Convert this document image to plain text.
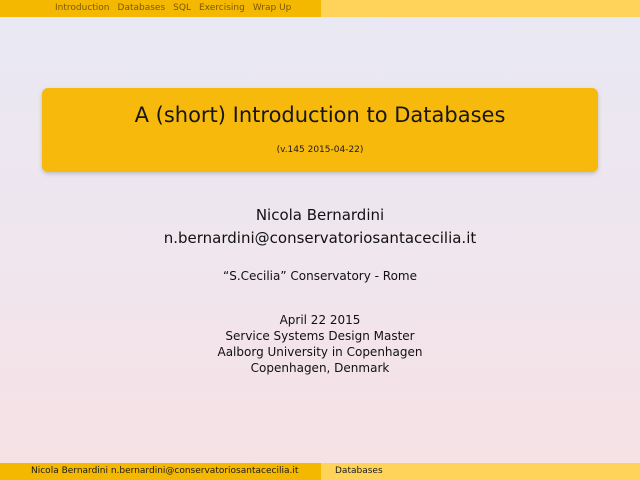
Introduction Databases SQL Exercising Wrap Up
A (short) Introduction to Databases
(v.145 2015-04-22)
Nicola Bernardini
n.bernardini@conservatoriosantacecilia.it
“S.Cecilia” Conservatory - Rome
April 22 2015
Service Systems Design Master
Aalborg University in Copenhagen
Copenhagen, Denmark
Nicola Bernardini n.bernardini@conservatoriosantacecilia.it	Databases
